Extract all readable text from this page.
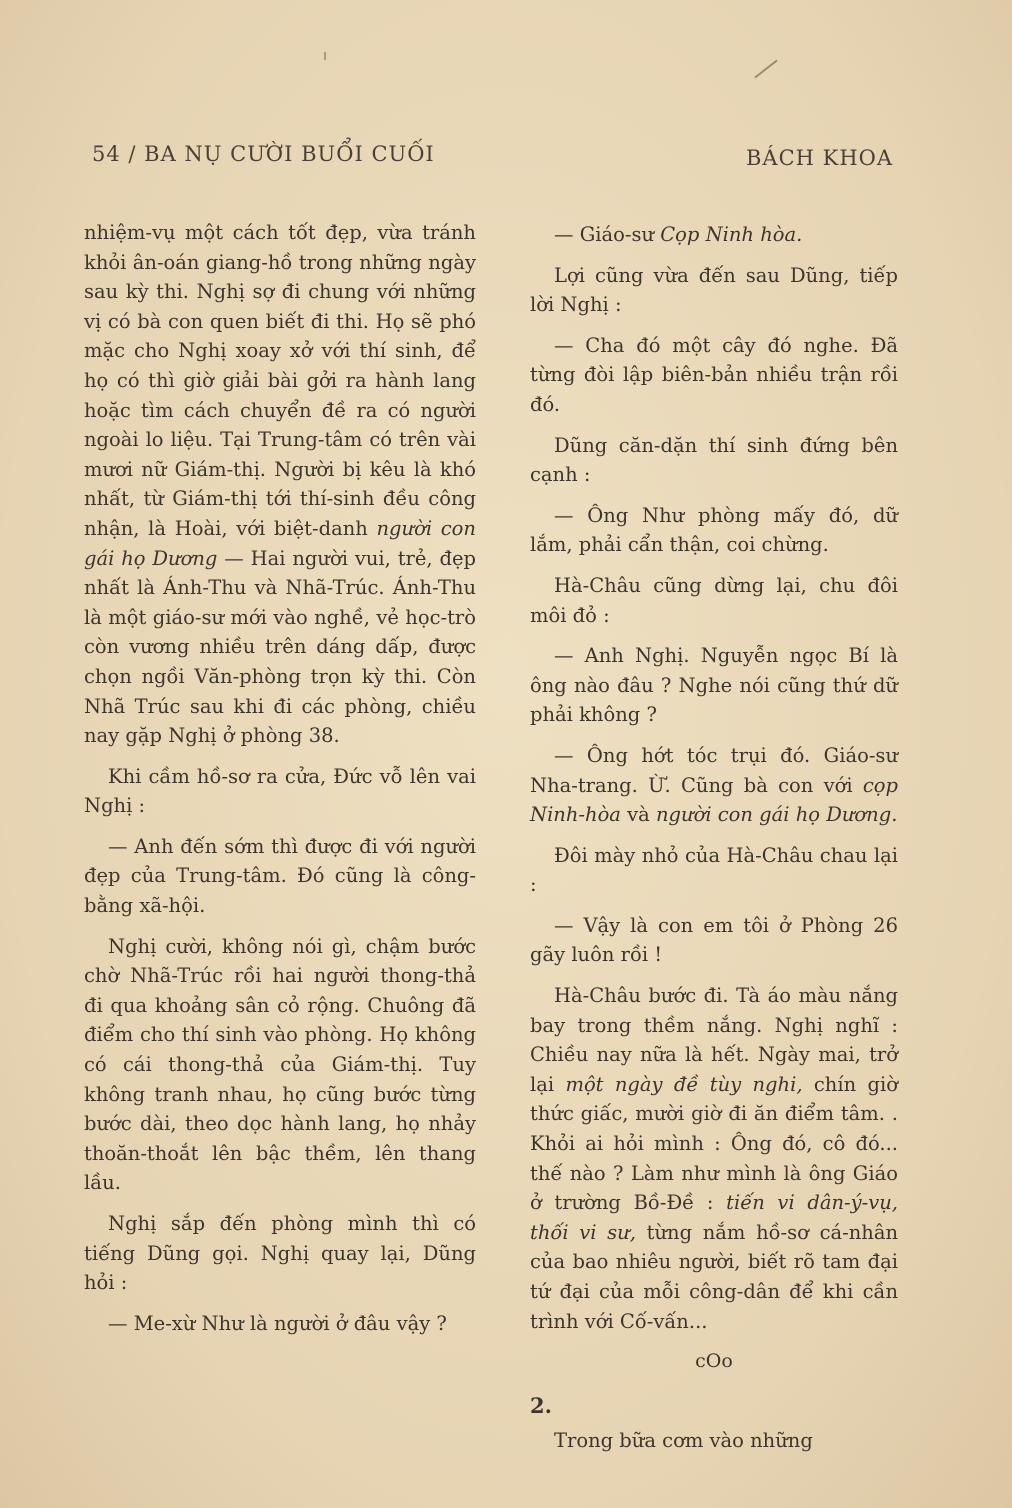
54 / BA NỤ CƯỜI BUỔI CUỐI	BÁCH KHOA

nhiệm-vụ một cách tốt đẹp, vừa tránh khỏi ân-oán giang-hồ trong những ngày sau kỳ thi. Nghị sợ đi chung với những vị có bà con quen biết đi thi. Họ sẽ phó mặc cho Nghị xoay xở với thí sinh, để họ có thì giờ giải bài gởi ra hành lang hoặc tìm cách chuyển đề ra có người ngoài lo liệu. Tại Trung-tâm có trên vài mươi nữ Giám-thị. Người bị kêu là khó nhất, từ Giám-thị tới thí-sinh đều công nhận, là Hoài, với biệt-danh người con gái họ Dương — Hai người vui, trẻ, đẹp nhất là Ánh-Thu và Nhã-Trúc. Ánh-Thu là một giáo-sư mới vào nghề, vẻ học-trò còn vương nhiều trên dáng dấp, được chọn ngồi Văn-phòng trọn kỳ thi. Còn Nhã Trúc sau khi đi các phòng, chiều nay gặp Nghị ở phòng 38.

Khi cầm hồ-sơ ra cửa, Đức vỗ lên vai Nghị :

— Anh đến sớm thì được đi với người đẹp của Trung-tâm. Đó cũng là công-bằng xã-hội.

Nghị cười, không nói gì, chậm bước chờ Nhã-Trúc rồi hai người thong-thả đi qua khoảng sân cỏ rộng. Chuông đã điểm cho thí sinh vào phòng. Họ không có cái thong-thả của Giám-thị. Tuy không tranh nhau, họ cũng bước từng bước dài, theo dọc hành lang, họ nhảy thoăn-thoắt lên bậc thềm, lên thang lầu.

Nghị sắp đến phòng mình thì có tiếng Dũng gọi. Nghị quay lại, Dũng hỏi :

— Me-xừ Như là người ở đâu vậy ?

— Giáo-sư Cọp Ninh hòa.

Lợi cũng vừa đến sau Dũng, tiếp lời Nghị :

— Cha đó một cây đó nghe. Đã từng đòi lập biên-bản nhiều trận rồi đó.

Dũng căn-dặn thí sinh đứng bên cạnh :

— Ông Như phòng mấy đó, dữ lắm, phải cẩn thận, coi chừng.

Hà-Châu cũng dừng lại, chu đôi môi đỏ :

— Anh Nghị. Nguyễn ngọc Bí là ông nào đâu ? Nghe nói cũng thứ dữ phải không ?

— Ông hớt tóc trụi đó. Giáo-sư Nha-trang. Ừ. Cũng bà con với cọp Ninh-hòa và người con gái họ Dương.

Đôi mày nhỏ của Hà-Châu chau lại :

— Vậy là con em tôi ở Phòng 26 gãy luôn rồi !

Hà-Châu bước đi. Tà áo màu nắng bay trong thềm nắng. Nghị nghĩ : Chiều nay nữa là hết. Ngày mai, trở lại một ngày đề tùy nghi, chín giờ thức giấc, mười giờ đi ăn điểm tâm. . Khỏi ai hỏi mình : Ông đó, cô đó... thế nào ? Làm như mình là ông Giáo ở trường Bồ-Đề : tiến vi dân-ý-vụ, thối vi sư, từng nắm hồ-sơ cá-nhân của bao nhiêu người, biết rõ tam đại tứ đại của mỗi công-dân để khi cần trình với Cố-vấn...

cOo
2.

Trong bữa cơm vào những
